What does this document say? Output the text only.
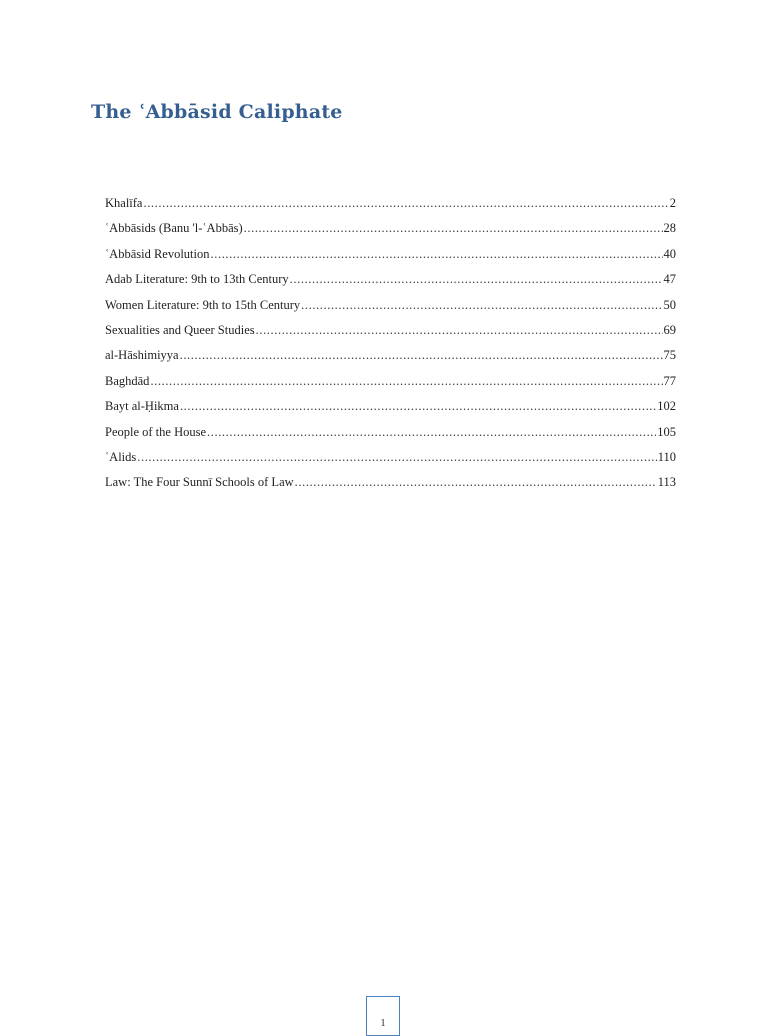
The ʿAbbāsid Caliphate
Khalīfa .....	2
ʿAbbāsids (Banu 'l-ʿAbbās) .....	28
ʿAbbāsid Revolution .....	40
Adab Literature: 9th to 13th Century .....	47
Women Literature: 9th to 15th Century .....	50
Sexualities and Queer Studies .....	69
al-Hāshimiyya .....	75
Baghdād .....	77
Bayt al-Ḥikma .....	102
People of the House .....	105
ʿAlids .....	110
Law: The Four Sunnī Schools of Law .....	113
1
